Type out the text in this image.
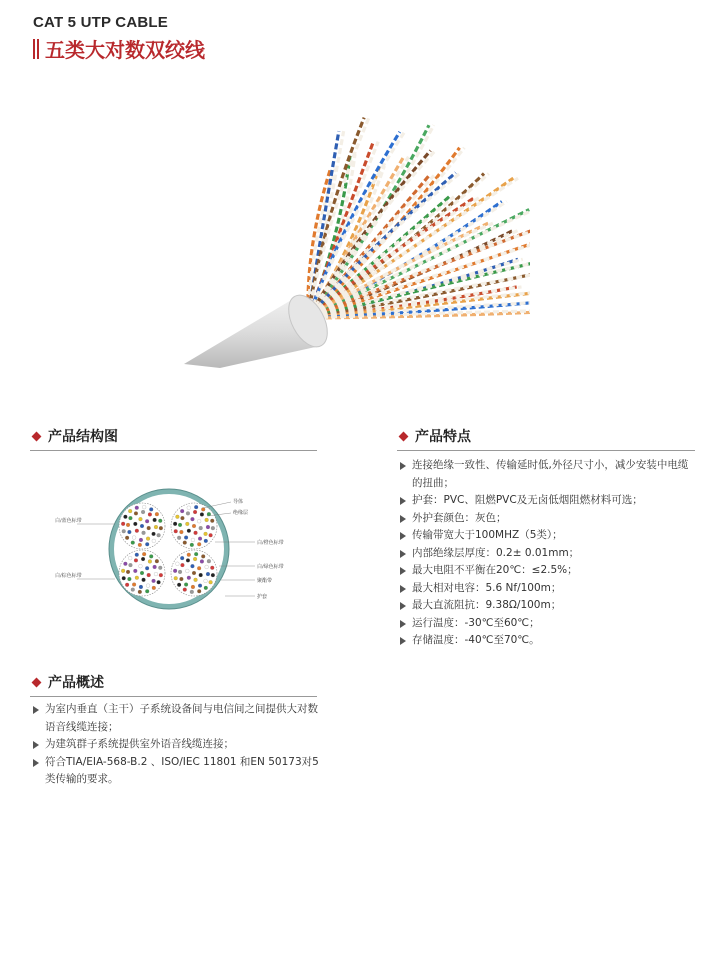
CAT 5 UTP CABLE
五类大对数双绞线
产品结构图
白/蓝色标带
白/棕色标带
导体
绝缘层
白/橙色标带
白/绿色标带
聚酯带
护套
产品特点
连接绝缘一致性、传输延时低,外径尺寸小，减少安装中电缆的扭曲；
护套：PVC、阻燃PVC及无卤低烟阻燃材料可选；
外护套颜色：灰色；
传输带宽大于100MHZ（5类）；
内部绝缘层厚度：0.2± 0.01mm；
最大电阻不平衡在20℃：≤2.5%；
最大相对电容：5.6 Nf/100m；
最大直流阻抗：9.38Ω/100m；
运行温度：-30℃至60℃；
存储温度：-40℃至70℃。
产品概述
为室内垂直（主干）子系统设备间与电信间之间提供大对数语音线缆连接；
为建筑群子系统提供室外语音线缆连接；
符合TIA/EIA-568-B.2 、ISO/IEC 11801 和EN 50173对5类传输的要求。
